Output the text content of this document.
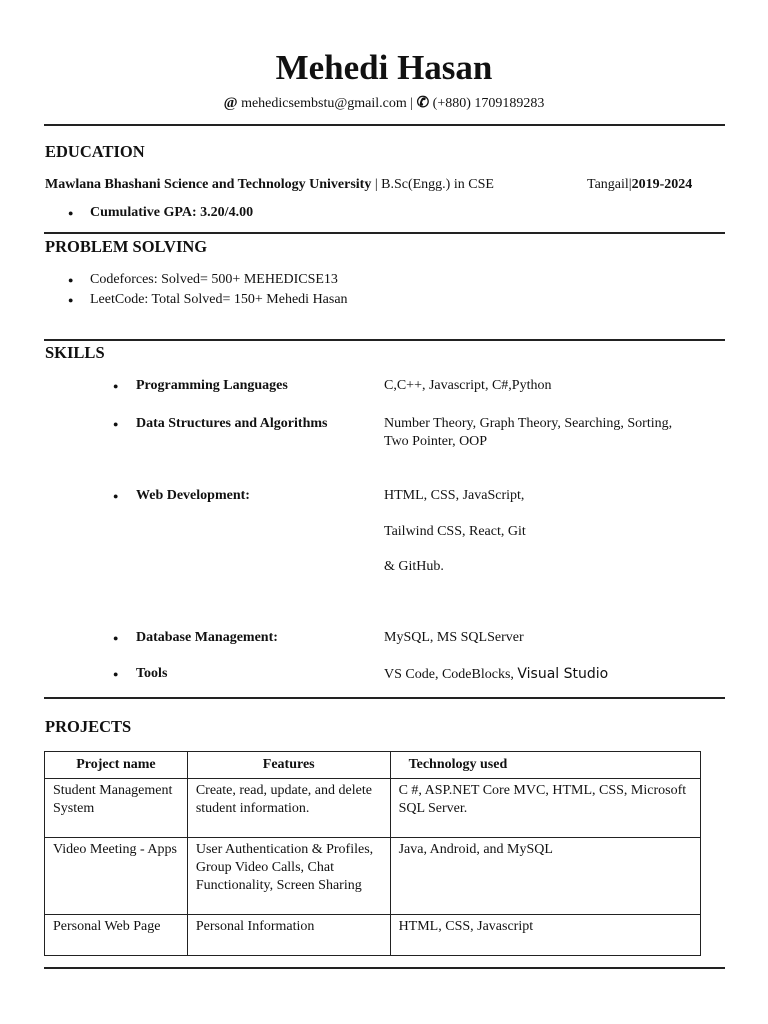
Mehedi Hasan
@ mehedicsembstu@gmail.com | ✆ (+880) 1709189283
EDUCATION
Mawlana Bhashani Science and Technology University | B.Sc(Engg.) in CSE	Tangail|2019-2024
● Cumulative GPA: 3.20/4.00
PROBLEM SOLVING
● Codeforces: Solved= 500+ MEHEDICSE13
● LeetCode: Total Solved= 150+ Mehedi Hasan
SKILLS
● Programming Languages	C,C++, Javascript, C#,Python
● Data Structures and Algorithms	Number Theory, Graph Theory, Searching, Sorting, Two Pointer, OOP
● Web Development:	HTML, CSS, JavaScript,
Tailwind CSS, React, Git
& GitHub.
● Database Management:	MySQL, MS SQLServer
● Tools	VS Code, CodeBlocks, Visual Studio
PROJECTS
Project name	Features	Technology used
Student Management System	Create, read, update, and delete student information.	C #, ASP.NET Core MVC, HTML, CSS, Microsoft SQL Server.
Video Meeting - Apps	User Authentication & Profiles, Group Video Calls, Chat Functionality, Screen Sharing	Java, Android, and MySQL
Personal Web Page	Personal Information	HTML, CSS, Javascript
